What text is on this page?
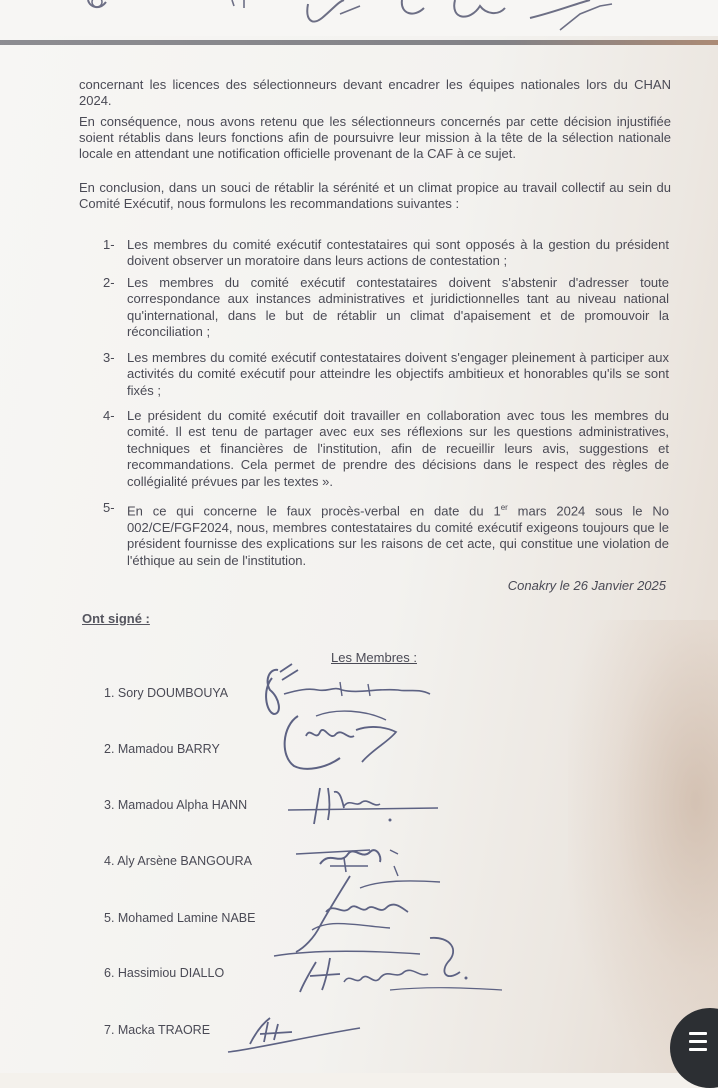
concernant les licences des sélectionneurs devant encadrer les équipes nationales lors du CHAN 2024.

En conséquence, nous avons retenu que les sélectionneurs concernés par cette décision injustifiée soient rétablis dans leurs fonctions afin de poursuivre leur mission à la tête de la sélection nationale locale en attendant une notification officielle provenant de la CAF à ce sujet.

En conclusion, dans un souci de rétablir la sérénité et un climat propice au travail collectif au sein du Comité Exécutif, nous formulons les recommandations suivantes :

1- Les membres du comité exécutif contestataires qui sont opposés à la gestion du président doivent observer un moratoire dans leurs actions de contestation ;
2- Les membres du comité exécutif contestataires doivent s'abstenir d'adresser toute correspondance aux instances administratives et juridictionnelles tant au niveau national qu'international, dans le but de rétablir un climat d'apaisement et de promouvoir la réconciliation ;
3- Les membres du comité exécutif contestataires doivent s'engager pleinement à participer aux activités du comité exécutif pour atteindre les objectifs ambitieux et honorables qu'ils se sont fixés ;
4- Le président du comité exécutif doit travailler en collaboration avec tous les membres du comité. Il est tenu de partager avec eux ses réflexions sur les questions administratives, techniques et financières de l'institution, afin de recueillir leurs avis, suggestions et recommandations. Cela permet de prendre des décisions dans le respect des règles de collégialité prévues par les textes ».
5- En ce qui concerne le faux procès-verbal en date du 1er mars 2024 sous le No 002/CE/FGF2024, nous, membres contestataires du comité exécutif exigeons toujours que le président fournisse des explications sur les raisons de cet acte, qui constitue une violation de l'éthique au sein de l'institution.

Conakry le 26 Janvier 2025

Ont signé :

Les Membres :

1. Sory DOUMBOUYA

2. Mamadou BARRY

3. Mamadou Alpha HANN

4. Aly Arsène BANGOURA

5. Mohamed Lamine NABE

6. Hassimiou DIALLO

7. Macka TRAORE
